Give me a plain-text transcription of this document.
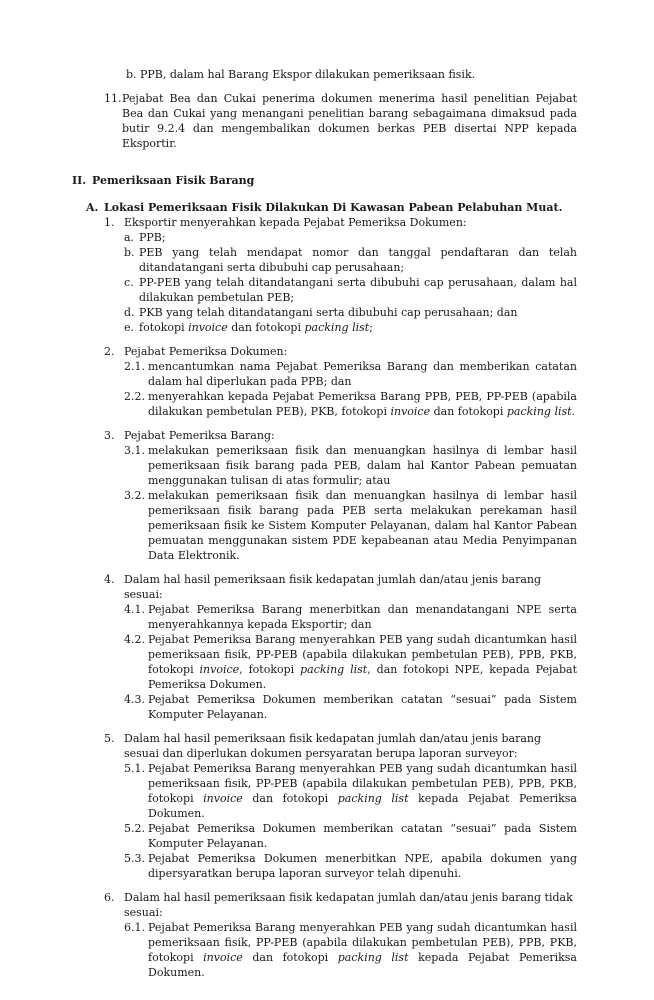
b. PPB, dalam hal Barang Ekspor dilakukan pemeriksaan fisik.
11. Pejabat Bea dan Cukai penerima dokumen menerima hasil penelitian Pejabat Bea dan Cukai yang menangani penelitian barang sebagaimana dimaksud pada butir 9.2.4 dan mengembalikan dokumen berkas PEB disertai NPP kepada Eksportir.
II. Pemeriksaan Fisik Barang
A. Lokasi Pemeriksaan Fisik Dilakukan Di Kawasan Pabean Pelabuhan Muat.
1. Eksportir menyerahkan kepada Pejabat Pemeriksa Dokumen:
a. PPB;
b. PEB yang telah mendapat nomor dan tanggal pendaftaran dan telah ditandatangani serta dibubuhi cap perusahaan;
c. PP-PEB yang telah ditandatangani serta dibubuhi cap perusahaan, dalam hal dilakukan pembetulan PEB;
d. PKB yang telah ditandatangani serta dibubuhi cap perusahaan; dan
e. fotokopi invoice dan fotokopi packing list;
2. Pejabat Pemeriksa Dokumen:
2.1. mencantumkan nama Pejabat Pemeriksa Barang dan memberikan catatan dalam hal diperlukan pada PPB; dan
2.2. menyerahkan kepada Pejabat Pemeriksa Barang PPB, PEB, PP-PEB (apabila dilakukan pembetulan PEB), PKB, fotokopi invoice dan fotokopi packing list.
3. Pejabat Pemeriksa Barang:
3.1. melakukan pemeriksaan fisik dan menuangkan hasilnya di lembar hasil pemeriksaan fisik barang pada PEB, dalam hal Kantor Pabean pemuatan menggunakan tulisan di atas formulir; atau
3.2. melakukan pemeriksaan fisik dan menuangkan hasilnya di lembar hasil pemeriksaan fisik barang pada PEB serta melakukan perekaman hasil pemeriksaan fisik ke Sistem Komputer Pelayanan, dalam hal Kantor Pabean pemuatan menggunakan sistem PDE kepabeanan atau Media Penyimpanan Data Elektronik.
4. Dalam hal hasil pemeriksaan fisik kedapatan jumlah dan/atau jenis barang sesuai:
4.1. Pejabat Pemeriksa Barang menerbitkan dan menandatangani NPE serta menyerahkannya kepada Eksportir; dan
4.2. Pejabat Pemeriksa Barang menyerahkan PEB yang sudah dicantumkan hasil pemeriksaan fisik, PP-PEB (apabila dilakukan pembetulan PEB), PPB, PKB, fotokopi invoice, fotokopi packing list, dan fotokopi NPE, kepada Pejabat Pemeriksa Dokumen.
4.3. Pejabat Pemeriksa Dokumen memberikan catatan “sesuai” pada Sistem Komputer Pelayanan.
5. Dalam hal hasil pemeriksaan fisik kedapatan jumlah dan/atau jenis barang sesuai dan diperlukan dokumen persyaratan berupa laporan surveyor:
5.1. Pejabat Pemeriksa Barang menyerahkan PEB yang sudah dicantumkan hasil pemeriksaan fisik, PP-PEB (apabila dilakukan pembetulan PEB), PPB, PKB, fotokopi invoice dan fotokopi packing list kepada Pejabat Pemeriksa Dokumen.
5.2. Pejabat Pemeriksa Dokumen memberikan catatan “sesuai” pada Sistem Komputer Pelayanan.
5.3. Pejabat Pemeriksa Dokumen menerbitkan NPE, apabila dokumen yang dipersyaratkan berupa laporan surveyor telah dipenuhi.
6. Dalam hal hasil pemeriksaan fisik kedapatan jumlah dan/atau jenis barang tidak sesuai:
6.1. Pejabat Pemeriksa Barang menyerahkan PEB yang sudah dicantumkan hasil pemeriksaan fisik, PP-PEB (apabila dilakukan pembetulan PEB), PPB, PKB, fotokopi invoice dan fotokopi packing list kepada Pejabat Pemeriksa Dokumen.
